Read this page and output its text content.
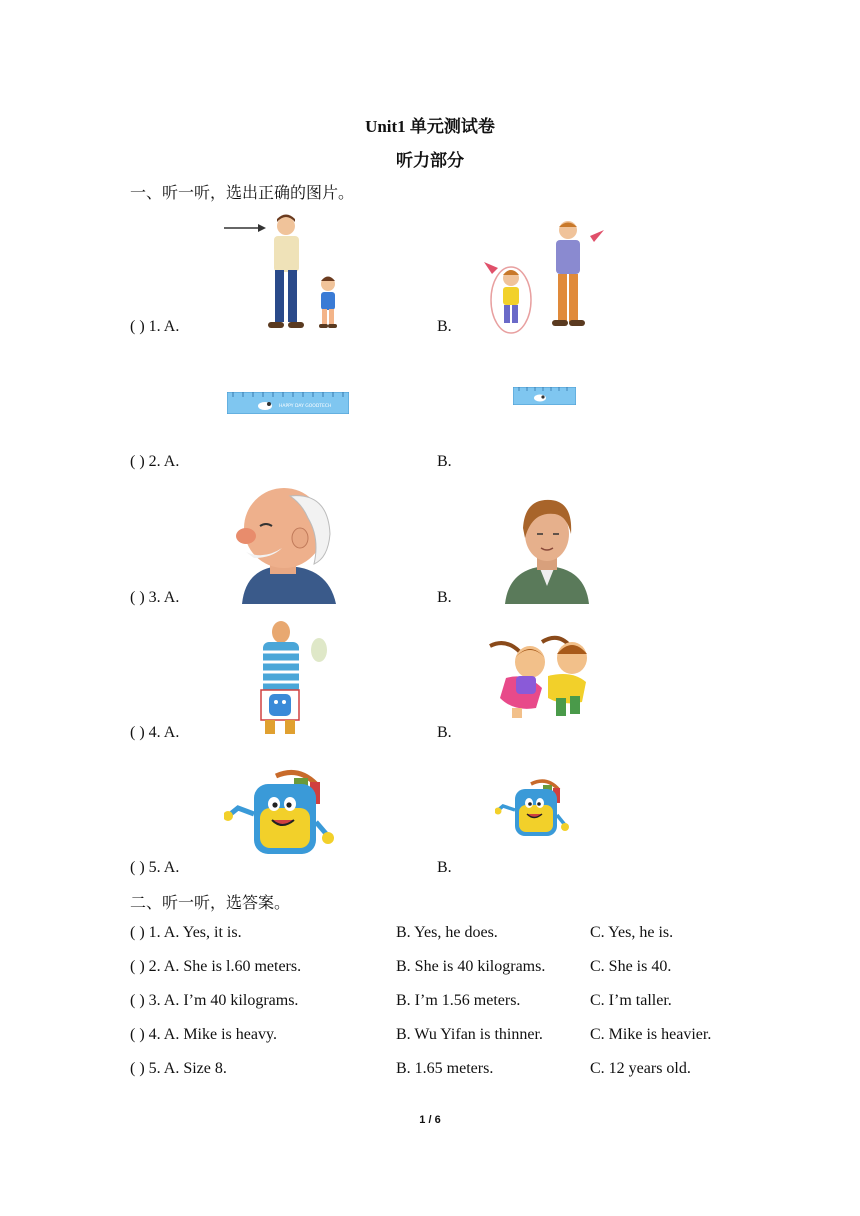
Unit1 单元测试卷
听力部分
一、听一听，选出正确的图片。
( ) 1. A.	B.
( ) 2. A.	B.
HAPPY DAY GOODTECH
( ) 3. A.	B.
( ) 4. A.	B.
( ) 5. A.	B.
二、听一听，选答案。
( ) 1. A. Yes, it is.	B. Yes, he does.	C. Yes, he is.
( ) 2. A. She is l.60 meters.	B. She is 40 kilograms.	C. She is 40.
( ) 3. A. I’m 40 kilograms.	B. I’m 1.56 meters.	C. I’m taller.
( ) 4. A. Mike is heavy.	B. Wu Yifan is thinner.	C. Mike is heavier.
( ) 5. A. Size 8.	B. 1.65 meters.	C. 12 years old.
1 / 6
